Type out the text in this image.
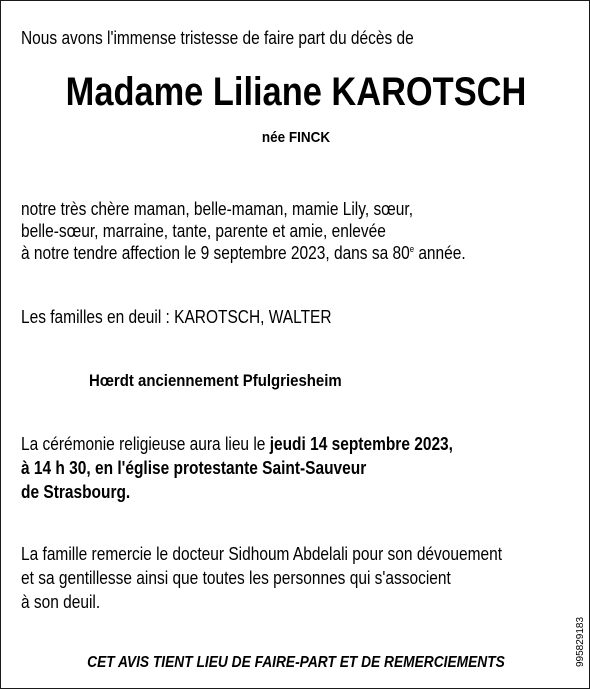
Nous avons l'immense tristesse de faire part du décès de
Madame Liliane KAROTSCH
née FINCK
notre très chère maman, belle-maman, mamie Lily, sœur,
belle-sœur, marraine, tante, parente et amie, enlevée
à notre tendre affection le 9 septembre 2023, dans sa 80e année.
Les familles en deuil : KAROTSCH, WALTER
Hœrdt anciennement Pfulgriesheim
La cérémonie religieuse aura lieu le jeudi 14 septembre 2023,
à 14 h 30, en l'église protestante Saint-Sauveur
de Strasbourg.
La famille remercie le docteur Sidhoum Abdelali pour son dévouement
et sa gentillesse ainsi que toutes les personnes qui s'associent
à son deuil.
995829183
CET AVIS TIENT LIEU DE FAIRE-PART ET DE REMERCIEMENTS
